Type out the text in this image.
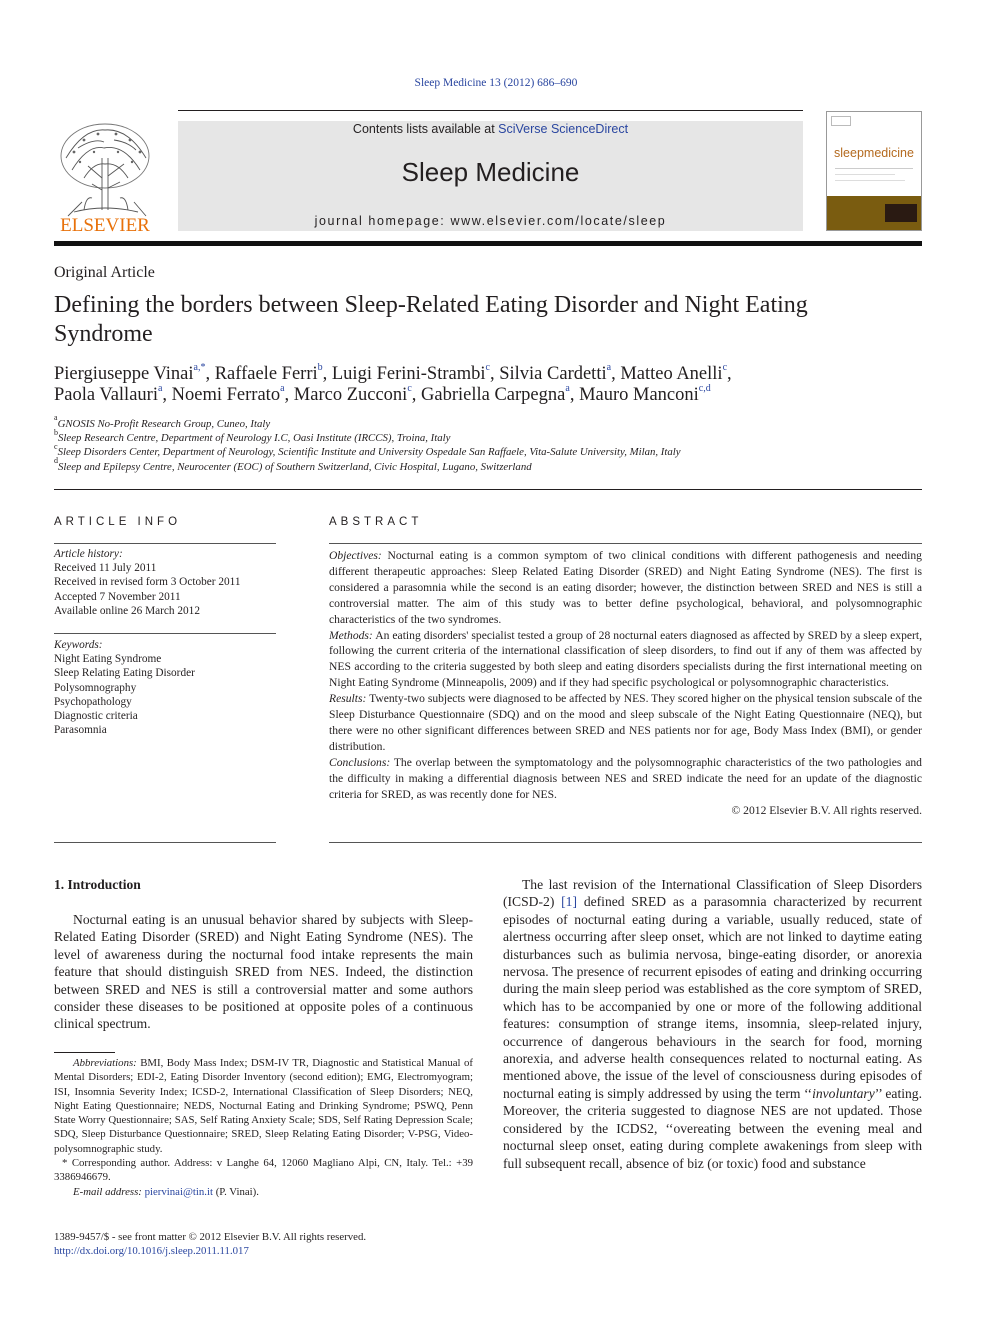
Sleep Medicine 13 (2012) 686–690
ELSEVIER
Contents lists available at SciVerse ScienceDirect
Sleep Medicine
journal homepage: www.elsevier.com/locate/sleep
sleepmedicine
Original Article
Defining the borders between Sleep-Related Eating Disorder and Night Eating Syndrome
Piergiuseppe Vinai$^{a,*}$, Raffaele Ferri$^b$, Luigi Ferini-Strambi$^c$, Silvia Cardetti$^a$, Matteo Anelli$^c$,
Paola Vallauri$^a$, Noemi Ferrato$^a$, Marco Zucconi$^c$, Gabriella Carpegna$^a$, Mauro Manconi$^{c,d}$
$^a$GNOSIS No-Profit Research Group, Cuneo, Italy
$^b$Sleep Research Centre, Department of Neurology I.C, Oasi Institute (IRCCS), Troina, Italy
$^c$Sleep Disorders Center, Department of Neurology, Scientific Institute and University Ospedale San Raffaele, Vita-Salute University, Milan, Italy
$^d$Sleep and Epilepsy Centre, Neurocenter (EOC) of Southern Switzerland, Civic Hospital, Lugano, Switzerland
ARTICLE INFO
Article history:
Received 11 July 2011
Received in revised form 3 October 2011
Accepted 7 November 2011
Available online 26 March 2012
Keywords:
Night Eating Syndrome
Sleep Relating Eating Disorder
Polysomnography
Psychopathology
Diagnostic criteria
Parasomnia
ABSTRACT
Objectives: Nocturnal eating is a common symptom of two clinical conditions with different pathogenesis and needing different therapeutic approaches: Sleep Related Eating Disorder (SRED) and Night Eating Syndrome (NES). The first is considered a parasomnia while the second is an eating disorder; however, the distinction between SRED and NES is still a controversial matter. The aim of this study was to better define psychological, behavioral, and polysomnographic characteristics of the two syndromes.
Methods: An eating disorders' specialist tested a group of 28 nocturnal eaters diagnosed as affected by SRED by a sleep expert, following the current criteria of the international classification of sleep disorders, to find out if any of them was affected by NES according to the criteria suggested by both sleep and eating disorders specialists during the first international meeting on Night Eating Syndrome (Minneapolis, 2009) and if they had specific psychological or polysomnographic characteristics.
Results: Twenty-two subjects were diagnosed to be affected by NES. They scored higher on the physical tension subscale of the Sleep Disturbance Questionnaire (SDQ) and on the mood and sleep subscale of the Night Eating Questionnaire (NEQ), but there were no other significant differences between SRED and NES patients nor for age, Body Mass Index (BMI), or gender distribution.
Conclusions: The overlap between the symptomatology and the polysomnographic characteristics of the two pathologies and the difficulty in making a differential diagnosis between NES and SRED indicate the need for an update of the diagnostic criteria for SRED, as was recently done for NES.
© 2012 Elsevier B.V. All rights reserved.
1. Introduction
Nocturnal eating is an unusual behavior shared by subjects with Sleep-Related Eating Disorder (SRED) and Night Eating Syndrome (NES). The level of awareness during the nocturnal food intake represents the main feature that should distinguish SRED from NES. Indeed, the distinction between SRED and NES is still a controversial matter and some authors consider these diseases to be positioned at opposite poles of a continuous clinical spectrum.
The last revision of the International Classification of Sleep Disorders (ICSD-2) [1] defined SRED as a parasomnia characterized by recurrent episodes of nocturnal eating during a variable, usually reduced, state of alertness occurring after sleep onset, which are not linked to daytime eating disturbances such as bulimia nervosa, binge-eating disorder, or anorexia nervosa. The presence of recurrent episodes of eating and drinking occurring during the main sleep period was established as the core symptom of SRED, which has to be accompanied by one or more of the following additional features: consumption of strange items, insomnia, sleep-related injury, occurrence of dangerous behaviours in the search for food, morning anorexia, and adverse health consequences related to nocturnal eating. As mentioned above, the issue of the level of consciousness during episodes of nocturnal eating is simply addressed by using the term ‘‘involuntary’’ eating. Moreover, the criteria suggested to diagnose NES are not updated. Those considered by the ICDS2, ‘‘overeating between the evening meal and nocturnal sleep onset, eating during complete awakenings from sleep with full subsequent recall, absence of biz (or toxic) food and substance
Abbreviations: BMI, Body Mass Index; DSM-IV TR, Diagnostic and Statistical Manual of Mental Disorders; EDI-2, Eating Disorder Inventory (second edition); EMG, Electromyogram; ISI, Insomnia Severity Index; ICSD-2, International Classification of Sleep Disorders; NEQ, Night Eating Questionnaire; NEDS, Nocturnal Eating and Drinking Syndrome; PSWQ, Penn State Worry Questionnaire; SAS, Self Rating Anxiety Scale; SDS, Self Rating Depression Scale; SDQ, Sleep Disturbance Questionnaire; SRED, Sleep Relating Eating Disorder; V-PSG, Video-polysomnographic study.
* Corresponding author. Address: v Langhe 64, 12060 Magliano Alpi, CN, Italy. Tel.: +39 3386946679.
E-mail address: piervinai@tin.it (P. Vinai).
1389-9457/$ - see front matter © 2012 Elsevier B.V. All rights reserved.
http://dx.doi.org/10.1016/j.sleep.2011.11.017
